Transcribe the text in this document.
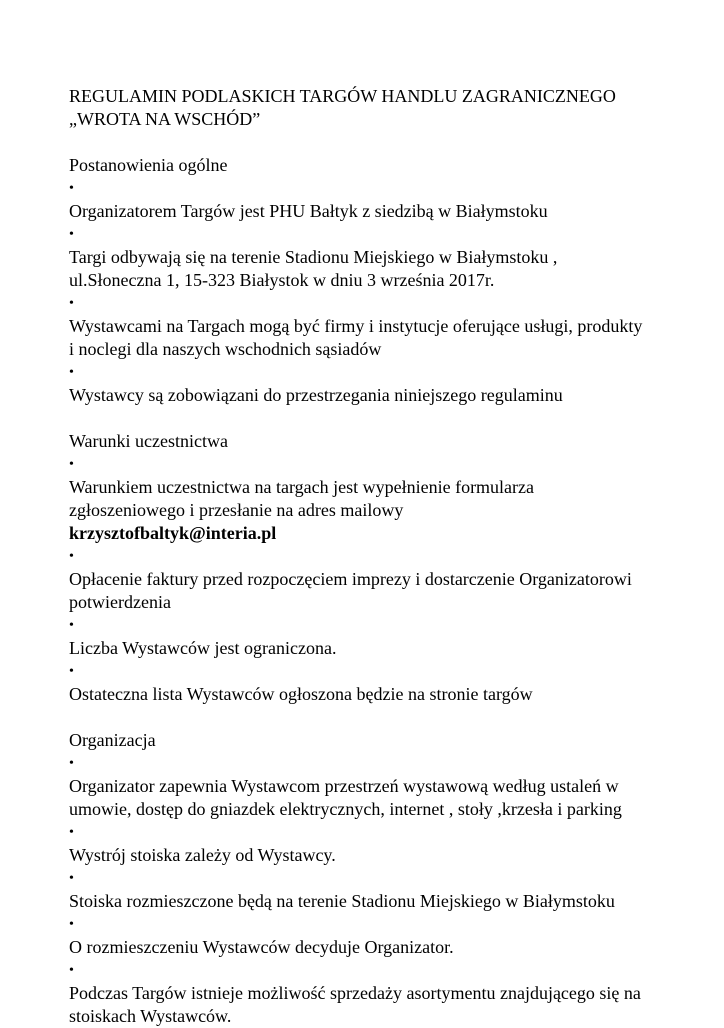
REGULAMIN PODLASKICH TARGÓW HANDLU ZAGRANICZNEGO
„WROTA NA WSCHÓD”
Postanowienia ogólne
•
Organizatorem Targów jest PHU Bałtyk z siedzibą w Białymstoku
•
Targi odbywają się na terenie Stadionu Miejskiego w Białymstoku ,
ul.Słoneczna 1, 15-323 Białystok w dniu 3 września 2017r.
•
Wystawcami na Targach mogą być firmy i instytucje oferujące usługi, produkty
i noclegi dla naszych wschodnich sąsiadów
•
Wystawcy są zobowiązani do przestrzegania niniejszego regulaminu
Warunki uczestnictwa
•
Warunkiem uczestnictwa na targach jest wypełnienie formularza
zgłoszeniowego i przesłanie na adres mailowy
krzysztofbaltyk@interia.pl
•
Opłacenie faktury przed rozpoczęciem imprezy i dostarczenie Organizatorowi
potwierdzenia
•
Liczba Wystawców jest ograniczona.
•
Ostateczna lista Wystawców ogłoszona będzie na stronie targów
Organizacja
•
Organizator zapewnia Wystawcom przestrzeń wystawową według ustaleń w
umowie, dostęp do gniazdek elektrycznych, internet , stoły ,krzesła i parking
•
Wystrój stoiska zależy od Wystawcy.
•
Stoiska rozmieszczone będą na terenie Stadionu Miejskiego w Białymstoku
•
O rozmieszczeniu Wystawców decyduje Organizator.
•
Podczas Targów istnieje możliwość sprzedaży asortymentu znajdującego się na
stoiskach Wystawców.
